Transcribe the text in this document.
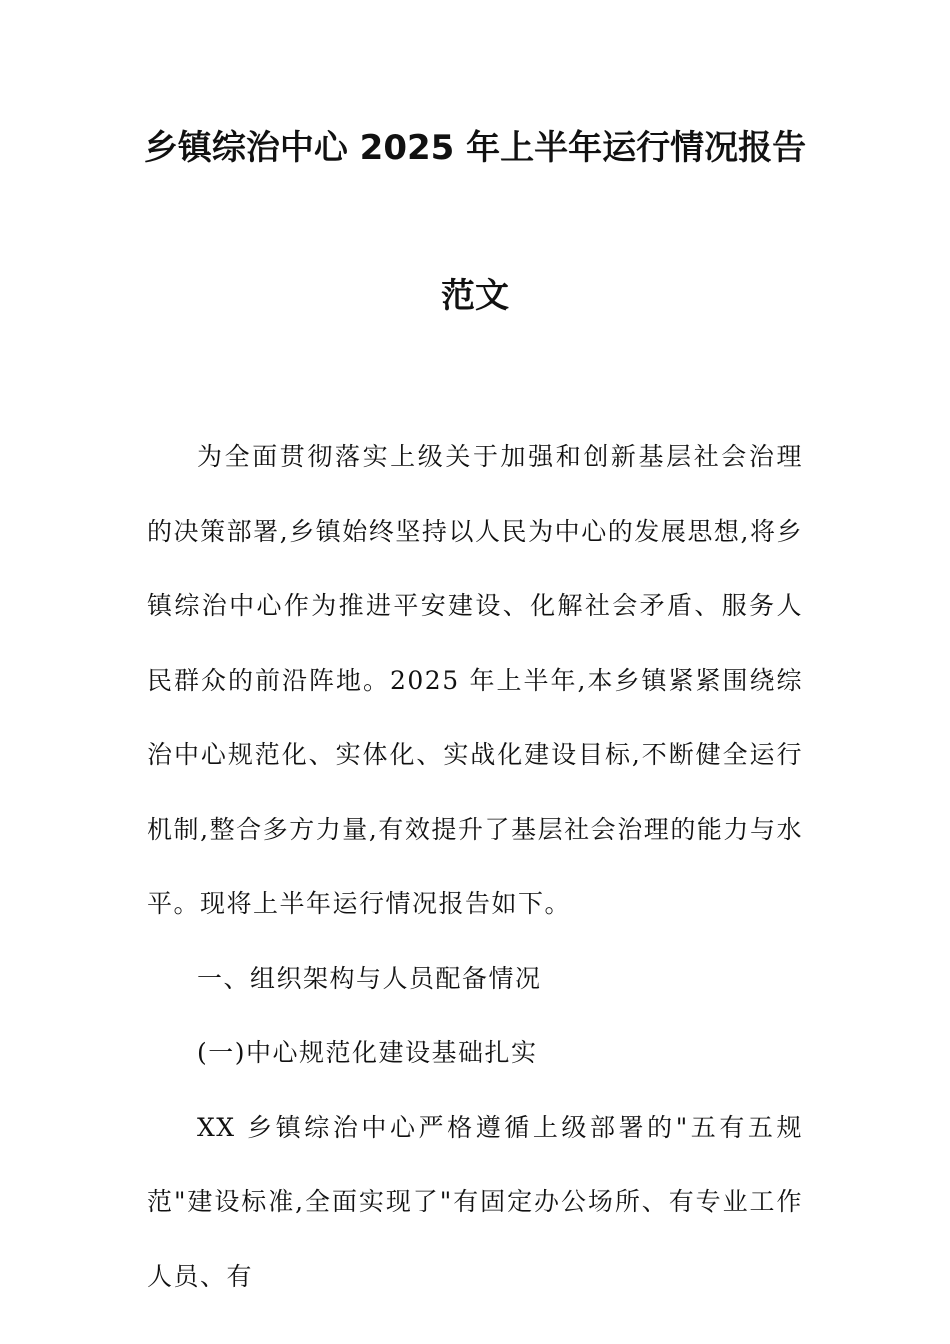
乡镇综治中心 2025 年上半年运行情况报告
范文

为全面贯彻落实上级关于加强和创新基层社会治理的决策部署,乡镇始终坚持以人民为中心的发展思想,将乡镇综治中心作为推进平安建设、化解社会矛盾、服务人民群众的前沿阵地。2025 年上半年,本乡镇紧紧围绕综治中心规范化、实体化、实战化建设目标,不断健全运行机制,整合多方力量,有效提升了基层社会治理的能力与水平。现将上半年运行情况报告如下。

一、组织架构与人员配备情况

(一)中心规范化建设基础扎实

XX 乡镇综治中心严格遵循上级部署的"五有五规范"建设标准,全面实现了"有固定办公场所、有专业工作人员、有
